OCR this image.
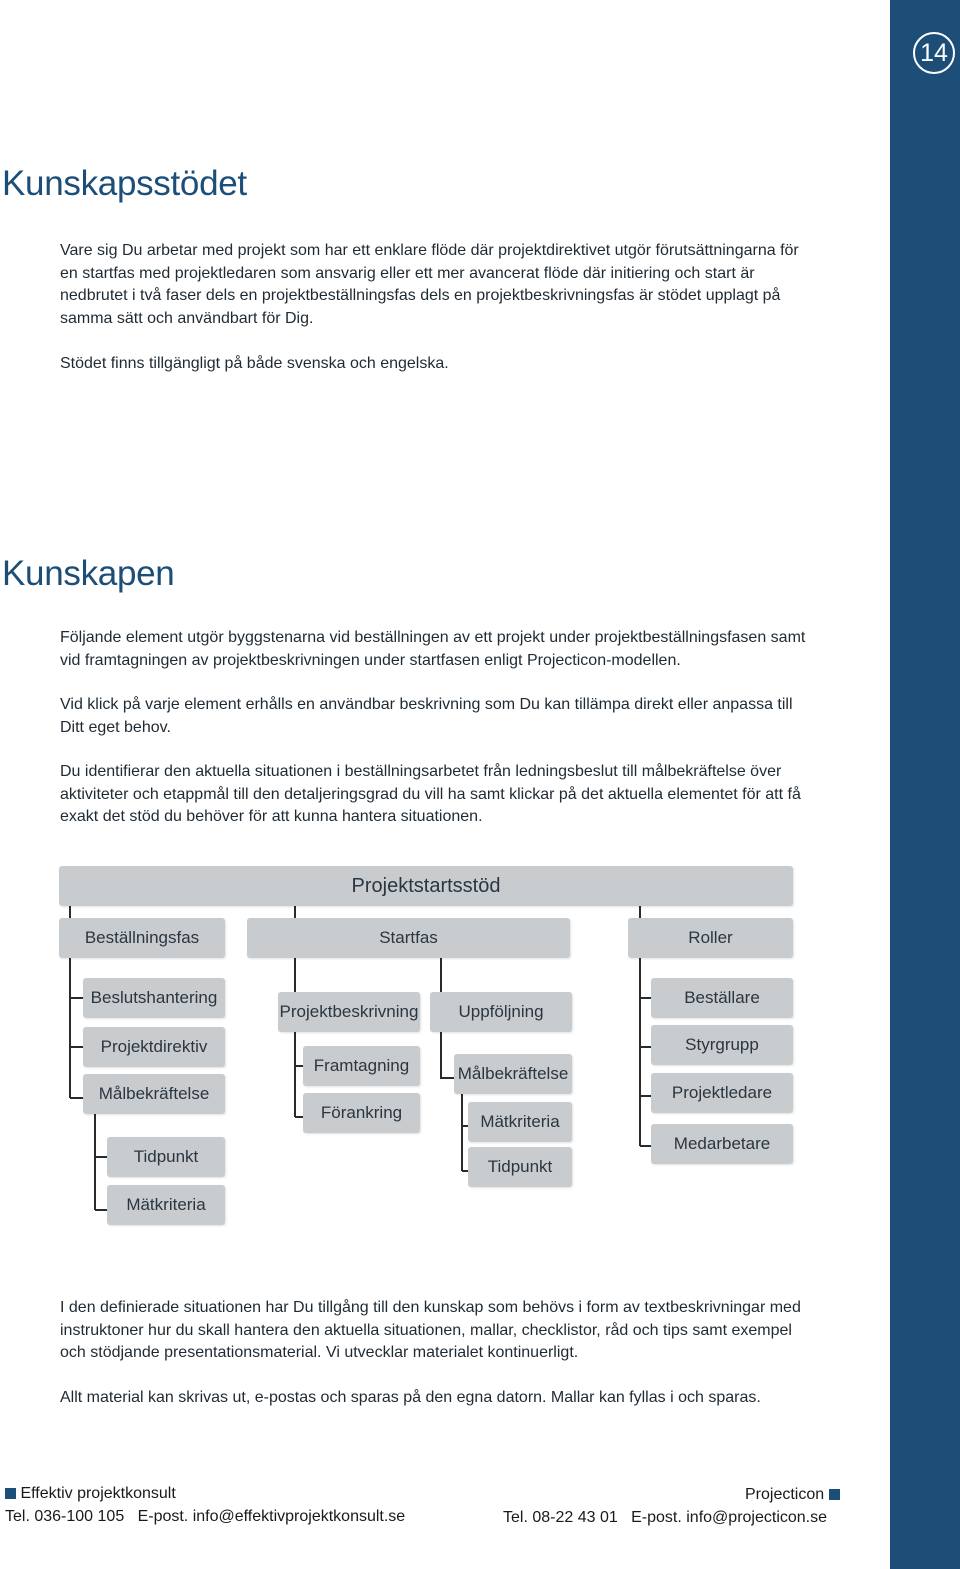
14
Kunskapsstödet

Vare sig Du arbetar med projekt som har ett enklare flöde där projektdirektivet utgör förutsättningarna för en startfas med projektledaren som ansvarig eller ett mer avancerat flöde där initiering och start är nedbrutet i två faser dels en projektbeställningsfas dels en projektbeskrivningsfas är stödet upplagt på samma sätt och användbart för Dig.

Stödet finns tillgängligt på både svenska och engelska.

Kunskapen

Följande element utgör byggstenarna vid beställningen av ett projekt under projektbeställningsfasen samt vid framtagningen av projektbeskrivningen under startfasen enligt Projecticon-modellen.

Vid klick på varje element erhålls en användbar beskrivning som Du kan tillämpa direkt eller anpassa till Ditt eget behov.

Du identifierar den aktuella situationen i beställningsarbetet från ledningsbeslut till målbekräftelse över aktiviteter och etappmål till den detaljeringsgrad du vill ha samt klickar på det aktuella elementet för att få exakt det stöd du behöver för att kunna hantera situationen.

Projektstartsstöd
Beställningsfas	Startfas	Roller
Beslutshantering
Projektdirektiv
Målbekräftelse
Tidpunkt
Mätkriteria
Projektbeskrivning
Framtagning
Förankring
Uppföljning
Målbekräftelse
Mätkriteria
Tidpunkt
Beställare
Styrgrupp
Projektledare
Medarbetare

I den definierade situationen har Du tillgång till den kunskap som behövs i form av textbeskrivningar med instruktoner hur du skall hantera den aktuella situationen, mallar, checklistor, råd och tips samt exempel och stödjande presentationsmaterial. Vi utvecklar materialet kontinuerligt.

Allt material kan skrivas ut, e-postas och sparas på den egna datorn. Mallar kan fyllas i och sparas.

Effektiv projektkonsult
Tel. 036-100 105 E-post. info@effektivprojektkonsult.se
Projecticon
Tel. 08-22 43 01 E-post. info@projecticon.se
